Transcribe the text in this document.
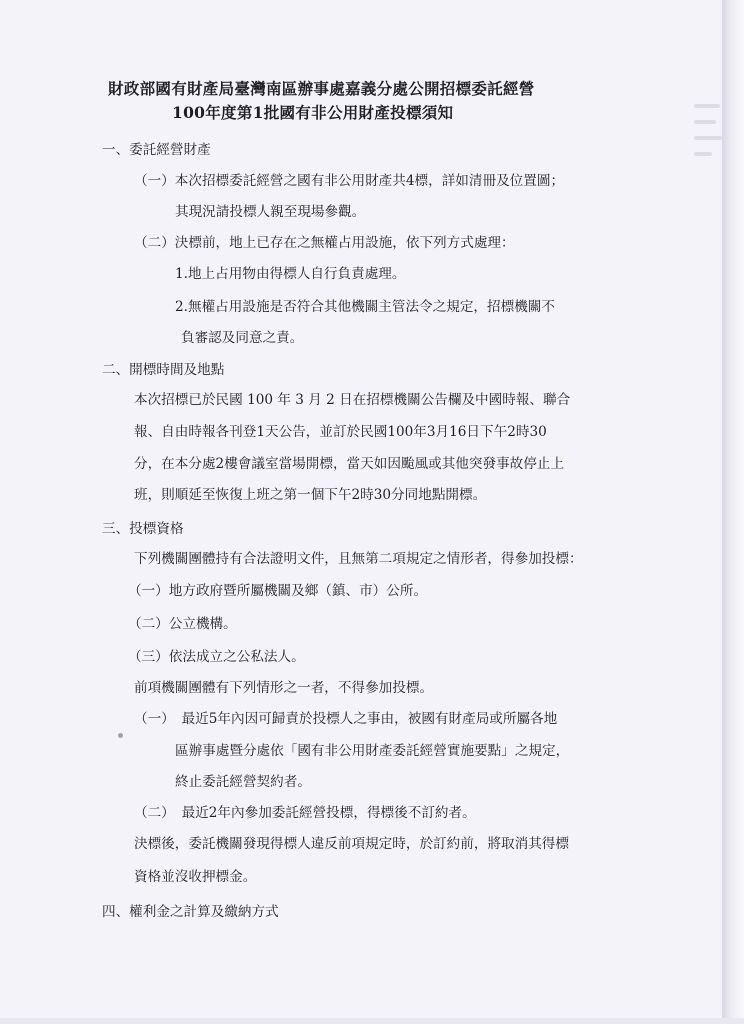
財政部國有財產局臺灣南區辦事處嘉義分處公開招標委託經營
100年度第1批國有非公用財產投標須知
一、委託經營財產
（一）本次招標委託經營之國有非公用財產共4標，詳如清冊及位置圖；
其現況請投標人親至現場參觀。
（二）決標前，地上已存在之無權占用設施，依下列方式處理：
1.地上占用物由得標人自行負責處理。
2.無權占用設施是否符合其他機關主管法令之規定，招標機關不
負審認及同意之責。
二、開標時間及地點
本次招標已於民國 100 年 3 月 2 日在招標機關公告欄及中國時報、聯合
報、自由時報各刊登1天公告，並訂於民國100年3月16日下午2時30
分，在本分處2樓會議室當場開標，當天如因颱風或其他突發事故停止上
班，則順延至恢復上班之第一個下午2時30分同地點開標。
三、投標資格
下列機關團體持有合法證明文件，且無第二項規定之情形者，得參加投標：
（一）地方政府暨所屬機關及鄉（鎮、市）公所。
（二）公立機構。
（三）依法成立之公私法人。
前項機關團體有下列情形之一者，不得參加投標。
（一）　最近5年內因可歸責於投標人之事由，被國有財產局或所屬各地
區辦事處暨分處依「國有非公用財產委託經營實施要點」之規定，
終止委託經營契約者。
（二）　最近2年內參加委託經營投標，得標後不訂約者。
決標後，委託機關發現得標人違反前項規定時，於訂約前，將取消其得標
資格並沒收押標金。
四、權利金之計算及繳納方式
